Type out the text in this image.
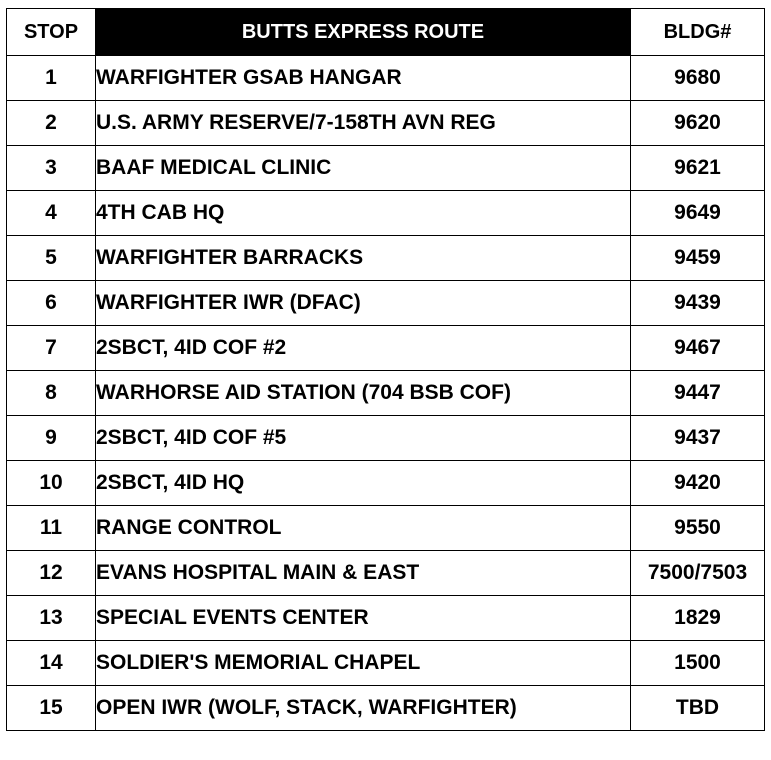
STOP	BUTTS EXPRESS ROUTE	BLDG#
1	WARFIGHTER GSAB HANGAR	9680
2	U.S. ARMY RESERVE/7-158TH AVN REG	9620
3	BAAF MEDICAL CLINIC	9621
4	4TH CAB HQ	9649
5	WARFIGHTER BARRACKS	9459
6	WARFIGHTER IWR (DFAC)	9439
7	2SBCT, 4ID COF #2	9467
8	WARHORSE AID STATION (704 BSB COF)	9447
9	2SBCT, 4ID COF #5	9437
10	2SBCT, 4ID HQ	9420
11	RANGE CONTROL	9550
12	EVANS HOSPITAL MAIN & EAST	7500/7503
13	SPECIAL EVENTS CENTER	1829
14	SOLDIER'S MEMORIAL CHAPEL	1500
15	OPEN IWR (WOLF, STACK, WARFIGHTER)	TBD
